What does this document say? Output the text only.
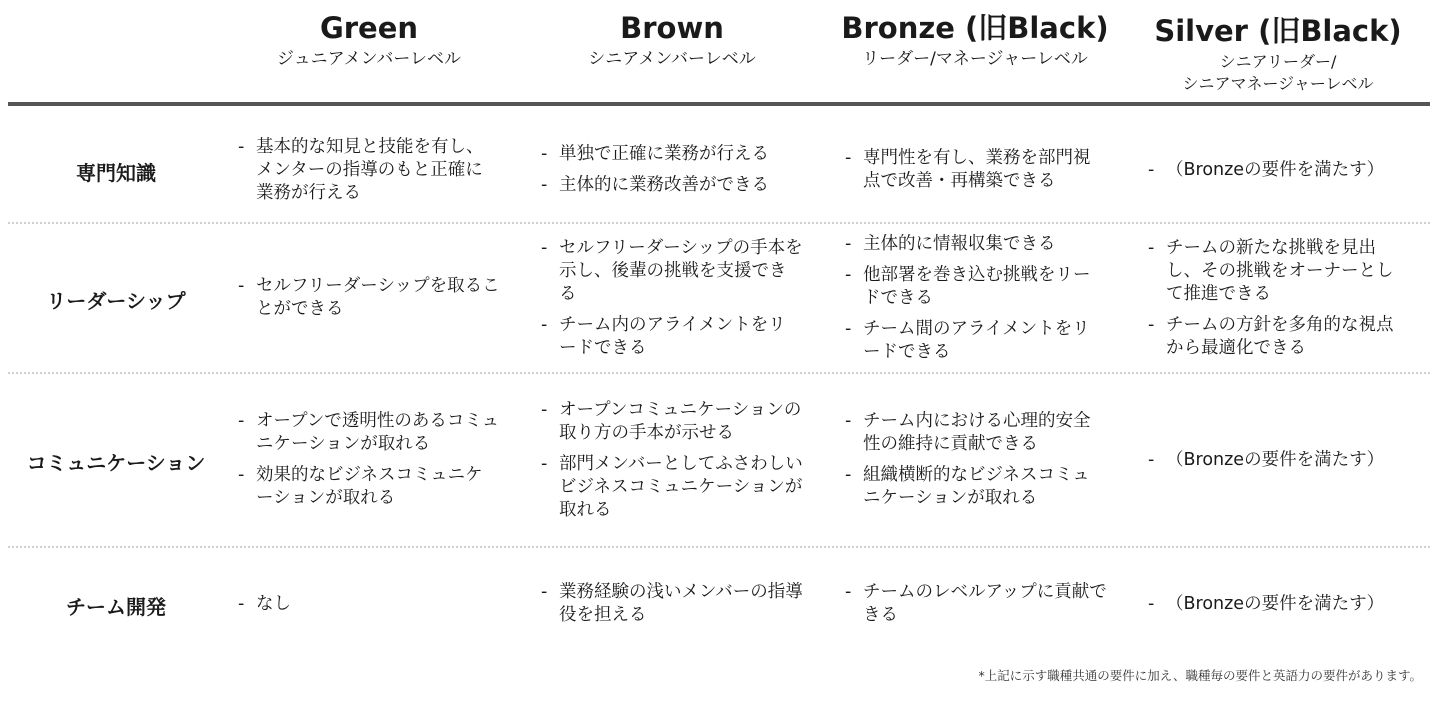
Green
ジュニアメンバーレベル
Brown
シニアメンバーレベル
Bronze (旧Black)
リーダー/マネージャーレベル
Silver (旧Black)
シニアリーダー/
シニアマネージャーレベル
専門知識
- 基本的な知見と技能を有し、メンターの指導のもと正確に業務が行える
- 単独で正確に業務が行える
- 主体的に業務改善ができる
- 専門性を有し、業務を部門視点で改善・再構築できる
- （Bronzeの要件を満たす）
リーダーシップ
- セルフリーダーシップを取ることができる
- セルフリーダーシップの手本を示し、後輩の挑戦を支援できる
- チーム内のアライメントをリードできる
- 主体的に情報収集できる
- 他部署を巻き込む挑戦をリードできる
- チーム間のアライメントをリードできる
- チームの新たな挑戦を見出し、その挑戦をオーナーとして推進できる
- チームの方針を多角的な視点から最適化できる
コミュニケーション
- オープンで透明性のあるコミュニケーションが取れる
- 効果的なビジネスコミュニケーションが取れる
- オープンコミュニケーションの取り方の手本が示せる
- 部門メンバーとしてふさわしいビジネスコミュニケーションが取れる
- チーム内における心理的安全性の維持に貢献できる
- 組織横断的なビジネスコミュニケーションが取れる
- （Bronzeの要件を満たす）
チーム開発	- なし
- 業務経験の浅いメンバーの指導役を担える
- チームのレベルアップに貢献できる
- （Bronzeの要件を満たす）
*上記に示す職種共通の要件に加え、職種毎の要件と英語力の要件があります。
